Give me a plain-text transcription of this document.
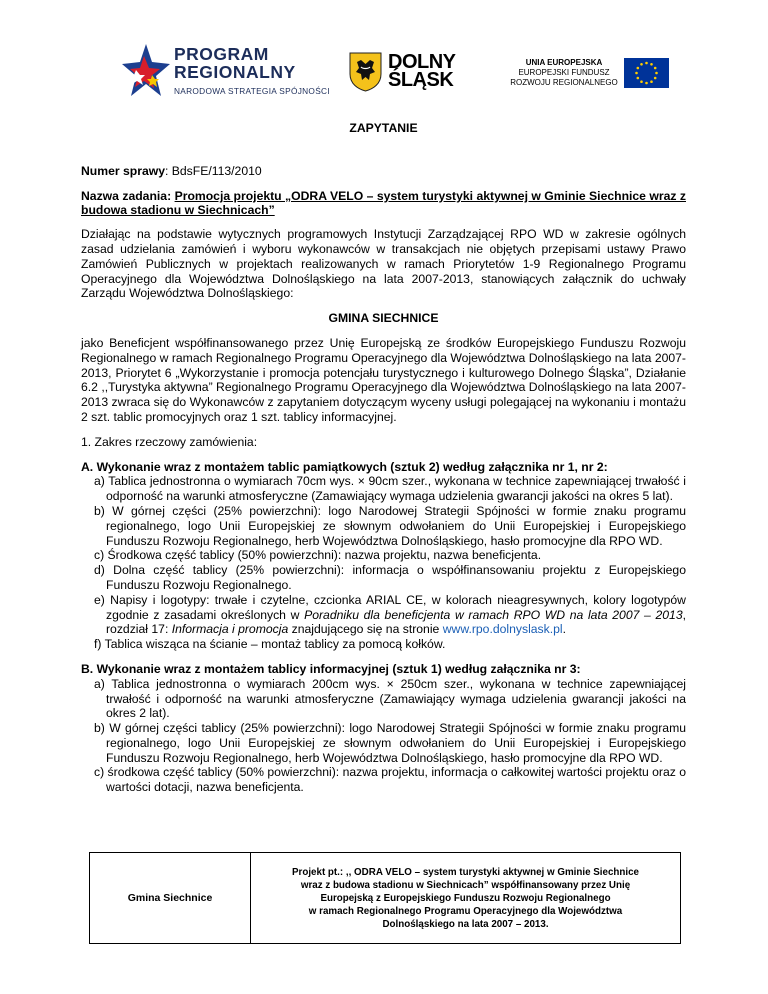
PROGRAM
REGIONALNY
NARODOWA STRATEGIA SPÓJNOŚCI
DOLNY
ŚLĄSK
UNIA EUROPEJSKA
EUROPEJSKI FUNDUSZ
ROZWOJU REGIONALNEGO

ZAPYTANIE

Numer sprawy: BdsFE/113/2010

Nazwa zadania: Promocja projektu „ODRA VELO – system turystyki aktywnej w Gminie Siechnice wraz z budowa stadionu w Siechnicach”

Działając na podstawie wytycznych programowych Instytucji Zarządzającej RPO WD w zakresie ogólnych zasad udzielania zamówień i wyboru wykonawców w transakcjach nie objętych przepisami ustawy Prawo Zamówień Publicznych w projektach realizowanych w ramach Priorytetów 1-9 Regionalnego Programu Operacyjnego dla Województwa Dolnośląskiego na lata 2007-2013, stanowiących załącznik do uchwały Zarządu Województwa Dolnośląskiego:

GMINA SIECHNICE

jako Beneficjent współfinansowanego przez Unię Europejską ze środków Europejskiego Funduszu Rozwoju Regionalnego w ramach Regionalnego Programu Operacyjnego dla Województwa Dolnośląskiego na lata 2007-2013, Priorytet 6 „Wykorzystanie i promocja potencjału turystycznego i kulturowego Dolnego Śląska”, Działanie 6.2 ,,Turystyka aktywna” Regionalnego Programu Operacyjnego dla Województwa Dolnośląskiego na lata 2007-2013 zwraca się do Wykonawców z zapytaniem dotyczącym wyceny usługi polegającej na wykonaniu i montażu 2 szt. tablic promocyjnych oraz 1 szt. tablicy informacyjnej.

1. Zakres rzeczowy zamówienia:

A. Wykonanie wraz z montażem tablic pamiątkowych (sztuk 2) według załącznika nr 1, nr 2:

a) Tablica jednostronna o wymiarach 70cm wys. × 90cm szer., wykonana w technice zapewniającej trwałość i odporność na warunki atmosferyczne (Zamawiający wymaga udzielenia gwarancji jakości na okres 5 lat).
b) W górnej części (25% powierzchni): logo Narodowej Strategii Spójności w formie znaku programu regionalnego, logo Unii Europejskiej ze słownym odwołaniem do Unii Europejskiej i Europejskiego Funduszu Rozwoju Regionalnego, herb Województwa Dolnośląskiego, hasło promocyjne dla RPO WD.
c) Środkowa część tablicy (50% powierzchni): nazwa projektu, nazwa beneficjenta.
d) Dolna część tablicy (25% powierzchni): informacja o współfinansowaniu projektu z Europejskiego Funduszu Rozwoju Regionalnego.
e) Napisy i logotypy: trwałe i czytelne, czcionka ARIAL CE, w kolorach nieagresywnych, kolory logotypów zgodnie z zasadami określonych w Poradniku dla beneficjenta w ramach RPO WD na lata 2007 – 2013, rozdział 17: Informacja i promocja znajdującego się na stronie www.rpo.dolnyslask.pl.
f) Tablica wisząca na ścianie – montaż tablicy za pomocą kołków.

B. Wykonanie wraz z montażem tablicy informacyjnej (sztuk 1) według załącznika nr 3:

a) Tablica jednostronna o wymiarach 200cm wys. × 250cm szer., wykonana w technice zapewniającej trwałość i odporność na warunki atmosferyczne (Zamawiający wymaga udzielenia gwarancji jakości na okres 2 lat).
b) W górnej części tablicy (25% powierzchni): logo Narodowej Strategii Spójności w formie znaku programu regionalnego, logo Unii Europejskiej ze słownym odwołaniem do Unii Europejskiej i Europejskiego Funduszu Rozwoju Regionalnego, herb Województwa Dolnośląskiego, hasło promocyjne dla RPO WD.
c) środkowa część tablicy (50% powierzchni): nazwa projektu, informacja o całkowitej wartości projektu oraz o wartości dotacji, nazwa beneficjenta.
Gmina Siechnice
Projekt pt.: ,, ODRA VELO – system turystyki aktywnej w Gminie Siechnice
wraz z budowa stadionu w Siechnicach” współfinansowany przez Unię
Europejską z Europejskiego Funduszu Rozwoju Regionalnego
w ramach Regionalnego Programu Operacyjnego dla Województwa
Dolnośląskiego na lata 2007 – 2013.
